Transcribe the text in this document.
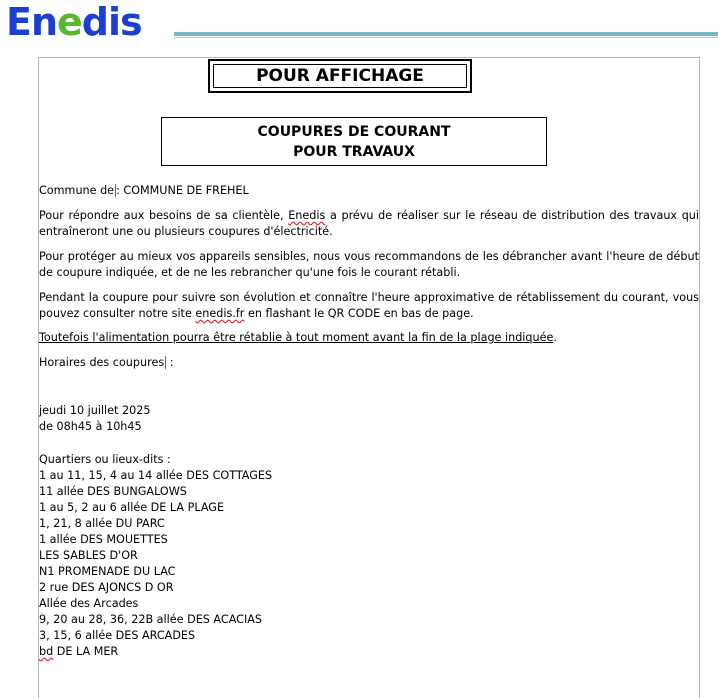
Enedis
POUR AFFICHAGE
COUPURES DE COURANT
POUR TRAVAUX
Commune de : COMMUNE DE FREHEL
Pour répondre aux besoins de sa clientèle, Enedis a prévu de réaliser sur le réseau de distribution des travaux qui entraîneront une ou plusieurs coupures d'électricité.
Pour protéger au mieux vos appareils sensibles, nous vous recommandons de les débrancher avant l'heure de début de coupure indiquée, et de ne les rebrancher qu'une fois le courant rétabli.
Pendant la coupure pour suivre son évolution et connaître l'heure approximative de rétablissement du courant, vous pouvez consulter notre site enedis.fr en flashant le QR CODE en bas de page.
Toutefois l'alimentation pourra être rétablie à tout moment avant la fin de la plage indiquée.
Horaires des coupures :
jeudi 10 juillet 2025
de 08h45 à 10h45
Quartiers ou lieux-dits :
1 au 11, 15, 4 au 14 allée DES COTTAGES
11 allée DES BUNGALOWS
1 au 5, 2 au 6 allée DE LA PLAGE
1, 21, 8 allée DU PARC
1 allée DES MOUETTES
LES SABLES D'OR
N1 PROMENADE DU LAC
2 rue DES AJONCS D OR
Allée des Arcades
9, 20 au 28, 36, 22B allée DES ACACIAS
3, 15, 6 allée DES ARCADES
bd DE LA MER
